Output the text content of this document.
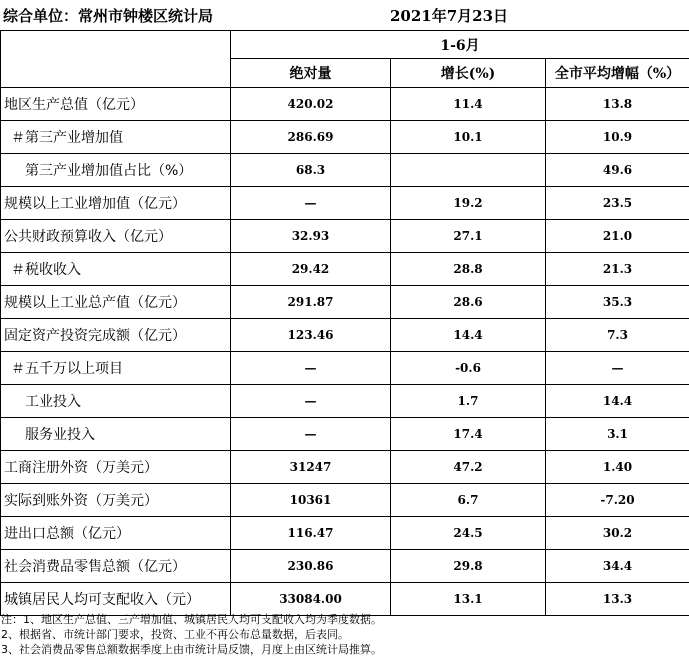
综合单位：常州市钟楼区统计局	2021年7月23日
	1-6月		
	绝对量	增长(%)	全市平均增幅（%）
地区生产总值（亿元）	420.02	11.4	13.8
＃第三产业增加值	286.69	10.1	10.9
第三产业增加值占比（%）	68.3		49.6
规模以上工业增加值（亿元）	—	19.2	23.5
公共财政预算收入（亿元）	32.93	27.1	21.0
＃税收收入	29.42	28.8	21.3
规模以上工业总产值（亿元）	291.87	28.6	35.3
固定资产投资完成额（亿元）	123.46	14.4	7.3
＃五千万以上项目	—	-0.6	—
工业投入	—	1.7	14.4
服务业投入	—	17.4	3.1
工商注册外资（万美元）	31247	47.2	1.40
实际到账外资（万美元）	10361	6.7	-7.20
进出口总额（亿元）	116.47	24.5	30.2
社会消费品零售总额（亿元）	230.86	29.8	34.4
城镇居民人均可支配收入（元）	33084.00	13.1	13.3
注：1、地区生产总值、三产增加值、城镇居民人均可支配收入均为季度数据。
2、根据省、市统计部门要求，投资、工业不再公布总量数据，后表同。
3、社会消费品零售总额数据季度上由市统计局反馈，月度上由区统计局推算。
